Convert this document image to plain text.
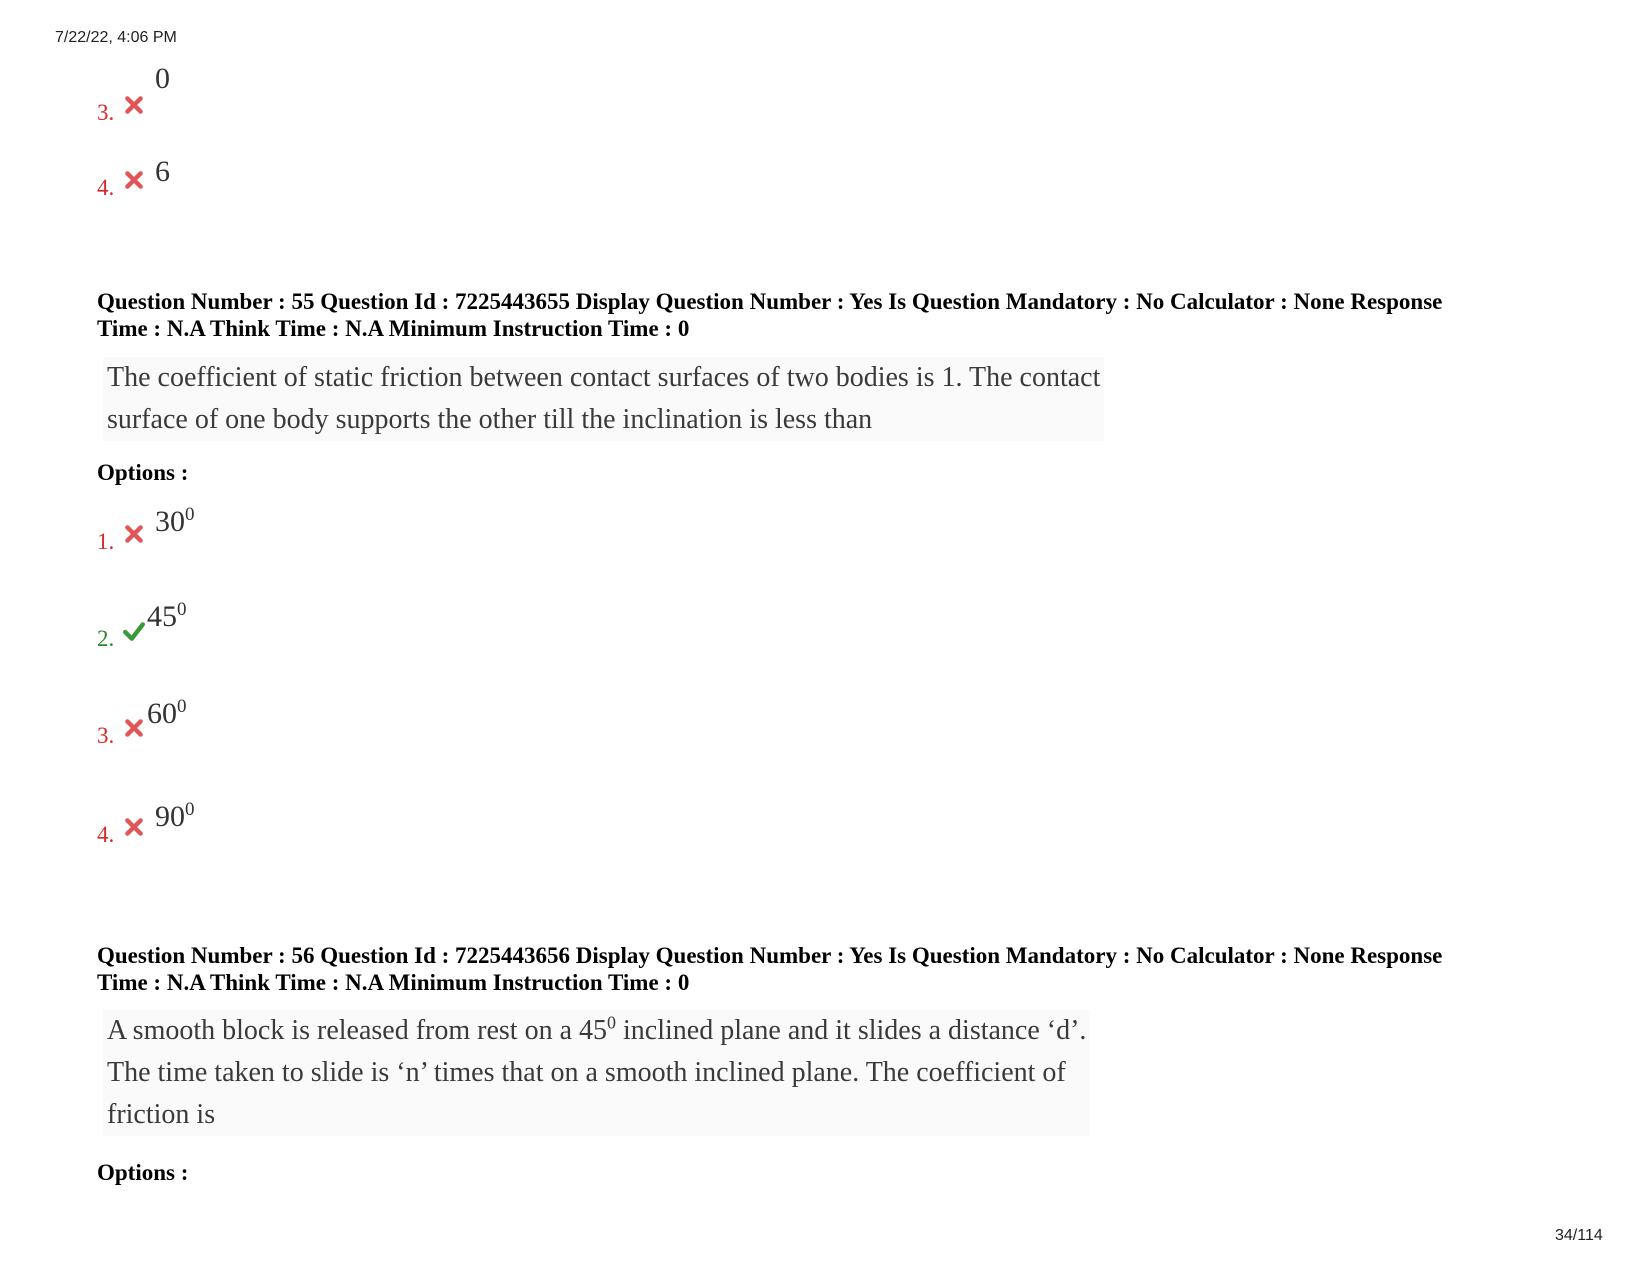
7/22/22, 4:06 PM
3.
0
4. 6
Question Number : 55 Question Id : 7225443655 Display Question Number : Yes Is Question Mandatory : No Calculator : None Response
Time : N.A Think Time : N.A Minimum Instruction Time : 0
The coefficient of static friction between contact surfaces of two bodies is 1. The contact
surface of one body supports the other till the inclination is less than
Options :
1.
$30^0$
2.
$45^0$
3.
$60^0$
4.
$90^0$
Question Number : 56 Question Id : 7225443656 Display Question Number : Yes Is Question Mandatory : No Calculator : None Response
Time : N.A Think Time : N.A Minimum Instruction Time : 0
A smooth block is released from rest on a $45^0$ inclined plane and it slides a distance ‘d’.
The time taken to slide is ‘n’ times that on a smooth inclined plane. The coefficient of
friction is
Options :
34/114
